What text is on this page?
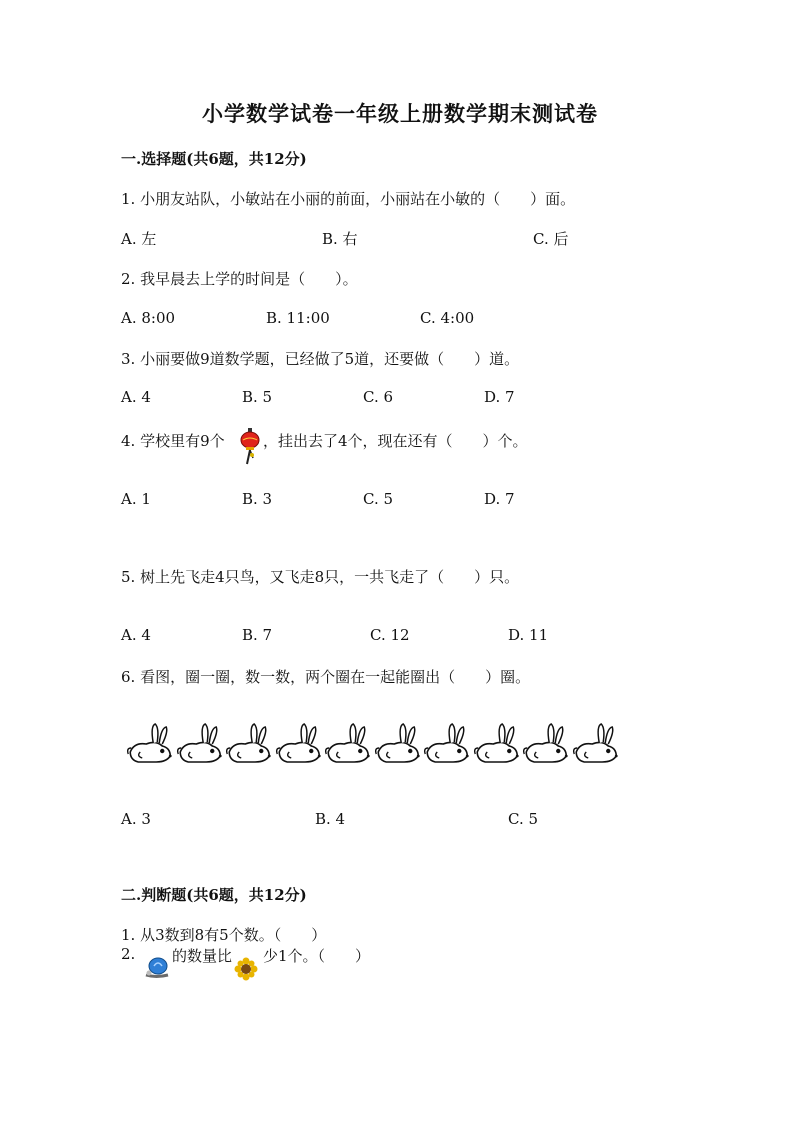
小学数学试卷一年级上册数学期末测试卷
一.选择题(共6题，共12分)
1. 小朋友站队，小敏站在小丽的前面，小丽站在小敏的（　　）面。
A. 左	B. 右	C. 后
2. 我早晨去上学的时间是（　　）。
A. 8:00	B. 11:00	C. 4:00
3. 小丽要做9道数学题，已经做了5道，还要做（　　）道。
A. 4	B. 5	C. 6	D. 7
4. 学校里有9个	，挂出去了4个，现在还有（　　）个。
A. 1	B. 3	C. 5	D. 7
5. 树上先飞走4只鸟，又飞走8只，一共飞走了（　　）只。
A. 4	B. 7	C. 12	D. 11
6. 看图，圈一圈，数一数，两个圈在一起能圈出（　　）圈。
A. 3	B. 4	C. 5
二.判断题(共6题，共12分)
1. 从3数到8有5个数。（　　）
2. 的数量比 少1个。（　　）
